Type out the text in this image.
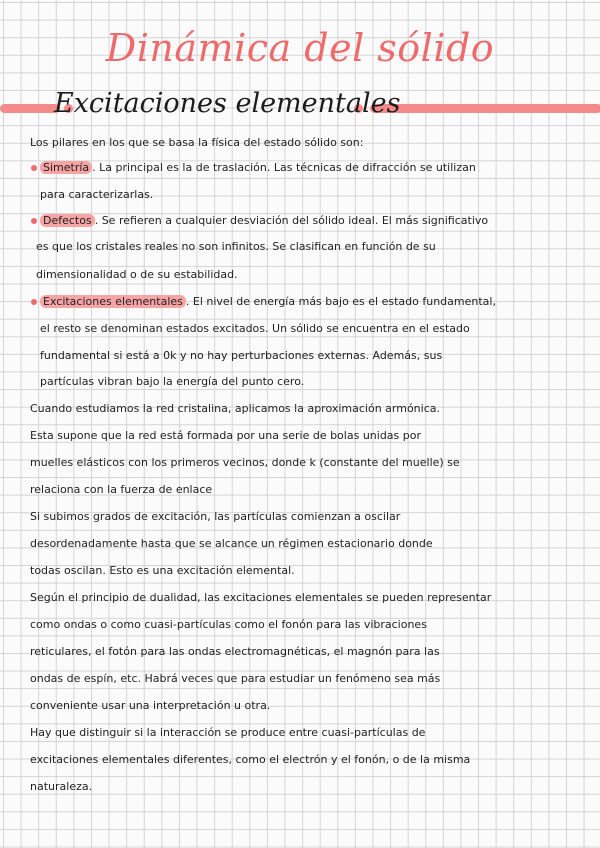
Dinámica del sólido
Excitaciones elementales
Los pilares en los que se basa la física del estado sólido son:
Simetría . La principal es la de traslación. Las técnicas de difracción se utilizan
para caracterizarlas.
Defectos . Se refieren a cualquier desviación del sólido ideal. El más significativo
es que los cristales reales no son infinitos. Se clasifican en función de su
dimensionalidad o de su estabilidad.
Excitaciones elementales . El nivel de energía más bajo es el estado fundamental,
el resto se denominan estados excitados. Un sólido se encuentra en el estado
fundamental si está a 0k y no hay perturbaciones externas. Además, sus
partículas vibran bajo la energía del punto cero.
Cuando estudiamos la red cristalina, aplicamos la aproximación armónica.
Esta supone que la red está formada por una serie de bolas unidas por
muelles elásticos con los primeros vecinos, donde k (constante del muelle) se
relaciona con la fuerza de enlace
Si subimos grados de excitación, las partículas comienzan a oscilar
desordenadamente hasta que se alcance un régimen estacionario donde
todas oscilan. Esto es una excitación elemental.
Según el principio de dualidad, las excitaciones elementales se pueden representar
como ondas o como cuasi-partículas como el fonón para las vibraciones
reticulares, el fotón para las ondas electromagnéticas, el magnón para las
ondas de espín, etc. Habrá veces que para estudiar un fenómeno sea más
conveniente usar una interpretación u otra.
Hay que distinguir si la interacción se produce entre cuasi-partículas de
excitaciones elementales diferentes, como el electrón y el fonón, o de la misma
naturaleza.
